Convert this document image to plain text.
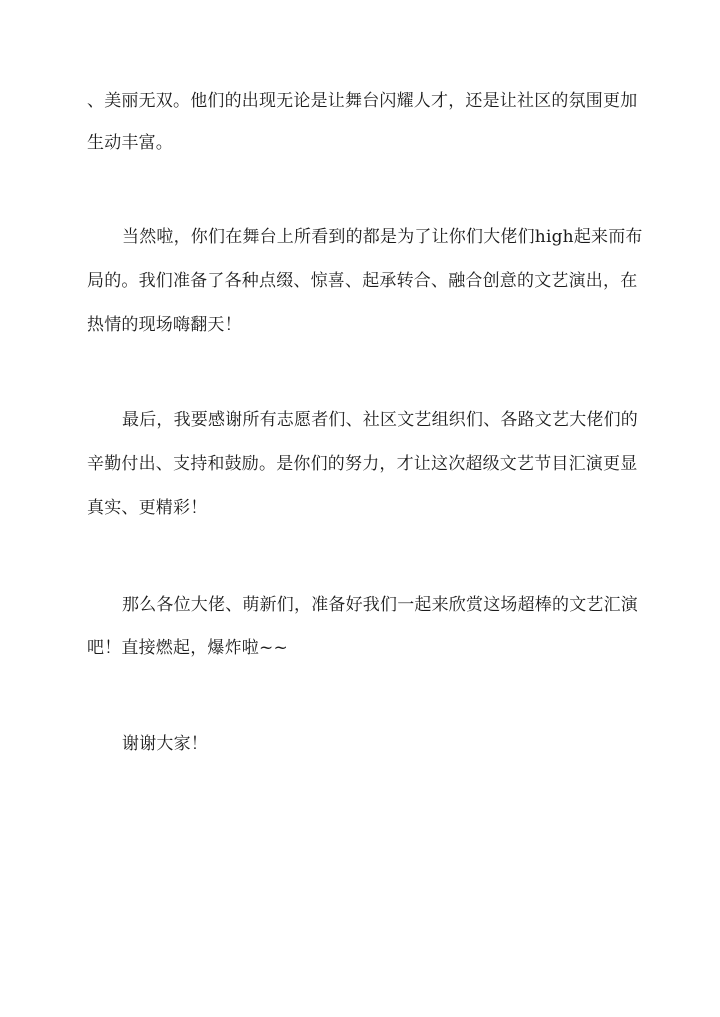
、美丽无双。他们的出现无论是让舞台闪耀人才，还是让社区的氛围更加
生动丰富。
当然啦，你们在舞台上所看到的都是为了让你们大佬们high起来而布
局的。我们准备了各种点缀、惊喜、起承转合、融合创意的文艺演出，在
热情的现场嗨翻天！
最后，我要感谢所有志愿者们、社区文艺组织们、各路文艺大佬们的
辛勤付出、支持和鼓励。是你们的努力，才让这次超级文艺节目汇演更显
真实、更精彩！
那么各位大佬、萌新们，准备好我们一起来欣赏这场超棒的文艺汇演
吧！直接燃起，爆炸啦~~
谢谢大家！
